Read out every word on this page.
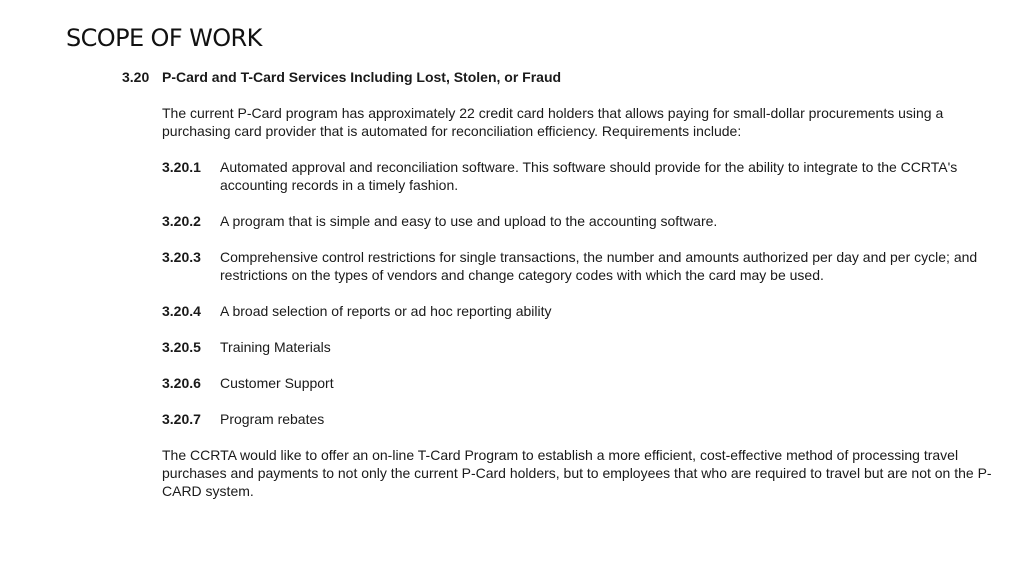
SCOPE OF WORK
3.20 P-Card and T-Card Services Including Lost, Stolen, or Fraud
The current P-Card program has approximately 22 credit card holders that allows paying for small-dollar procurements using a purchasing card provider that is automated for reconciliation efficiency. Requirements include:
3.20.1	Automated approval and reconciliation software. This software should provide for the ability to integrate to the CCRTA's accounting records in a timely fashion.
3.20.2	A program that is simple and easy to use and upload to the accounting software.
3.20.3	Comprehensive control restrictions for single transactions, the number and amounts authorized per day and per cycle; and restrictions on the types of vendors and change category codes with which the card may be used.
3.20.4	A broad selection of reports or ad hoc reporting ability
3.20.5	Training Materials
3.20.6	Customer Support
3.20.7	Program rebates
The CCRTA would like to offer an on-line T-Card Program to establish a more efficient, cost-effective method of processing travel purchases and payments to not only the current P-Card holders, but to employees that who are required to travel but are not on the P-CARD system.
